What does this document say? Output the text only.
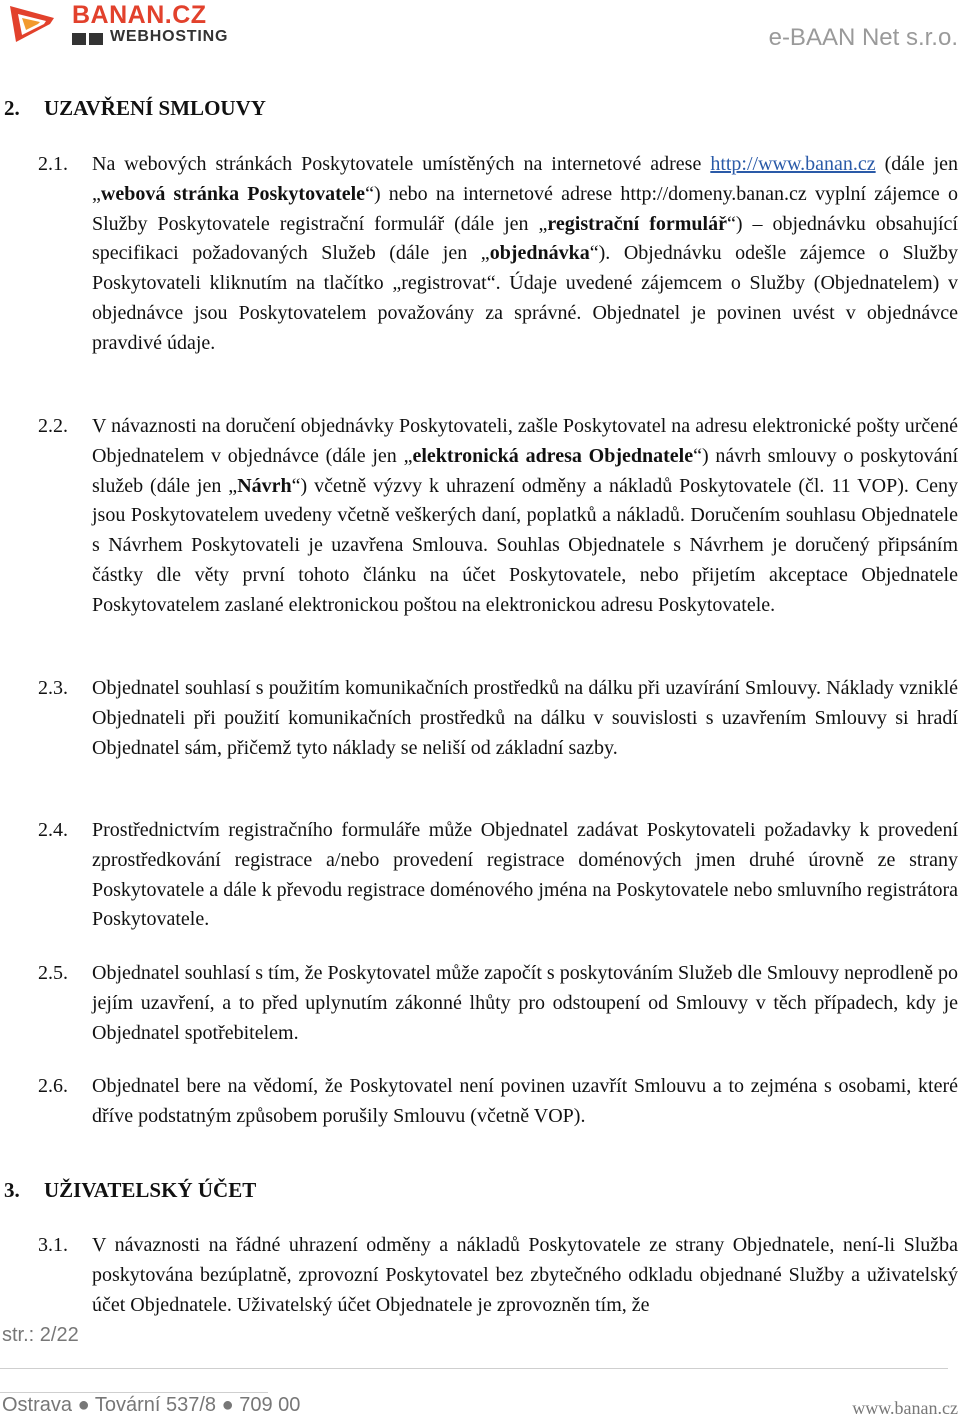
BANAN.CZ
WEBHOSTING	e-BAAN Net s.r.o.
2. UZAVŘENÍ SMLOUVY
2.1. Na webových stránkách Poskytovatele umístěných na internetové adrese http://www.banan.cz (dále jen „webová stránka Poskytovatele“) nebo na internetové adrese http://domeny.banan.cz vyplní zájemce o Služby Poskytovatele registrační formulář (dále jen „registrační formulář“) – objednávku obsahující specifikaci požadovaných Služeb (dále jen „objednávka“). Objednávku odešle zájemce o Služby Poskytovateli kliknutím na tlačítko „registrovat“. Údaje uvedené zájemcem o Služby (Objednatelem) v objednávce jsou Poskytovatelem považovány za správné. Objednatel je povinen uvést v objednávce pravdivé údaje.
2.2. V návaznosti na doručení objednávky Poskytovateli, zašle Poskytovatel na adresu elektronické pošty určené Objednatelem v objednávce (dále jen „elektronická adresa Objednatele“) návrh smlouvy o poskytování služeb (dále jen „Návrh“) včetně výzvy k uhrazení odměny a nákladů Poskytovatele (čl. 11 VOP). Ceny jsou Poskytovatelem uvedeny včetně veškerých daní, poplatků a nákladů. Doručením souhlasu Objednatele s Návrhem Poskytovateli je uzavřena Smlouva. Souhlas Objednatele s Návrhem je doručený připsáním částky dle věty první tohoto článku na účet Poskytovatele, nebo přijetím akceptace Objednatele Poskytovatelem zaslané elektronickou poštou na elektronickou adresu Poskytovatele.
2.3. Objednatel souhlasí s použitím komunikačních prostředků na dálku při uzavírání Smlouvy. Náklady vzniklé Objednateli při použití komunikačních prostředků na dálku v souvislosti s uzavřením Smlouvy si hradí Objednatel sám, přičemž tyto náklady se neliší od základní sazby.
2.4. Prostřednictvím registračního formuláře může Objednatel zadávat Poskytovateli požadavky k provedení zprostředkování registrace a/nebo provedení registrace doménových jmen druhé úrovně ze strany Poskytovatele a dále k převodu registrace doménového jména na Poskytovatele nebo smluvního registrátora Poskytovatele.
2.5. Objednatel souhlasí s tím, že Poskytovatel může započít s poskytováním Služeb dle Smlouvy neprodleně po jejím uzavření, a to před uplynutím zákonné lhůty pro odstoupení od Smlouvy v těch případech, kdy je Objednatel spotřebitelem.
2.6. Objednatel bere na vědomí, že Poskytovatel není povinen uzavřít Smlouvu a to zejména s osobami, které dříve podstatným způsobem porušily Smlouvu (včetně VOP).
3. UŽIVATELSKÝ ÚČET
3.1. V návaznosti na řádné uhrazení odměny a nákladů Poskytovatele ze strany Objednatele, není-li Služba poskytována bezúplatně, zprovozní Poskytovatel bez zbytečného odkladu objednané Služby a uživatelský účet Objednatele. Uživatelský účet Objednatele je zprovozněn tím, že
str.: 2/22
Ostrava ● Tovární 537/8 ● 709 00	www.banan.cz
